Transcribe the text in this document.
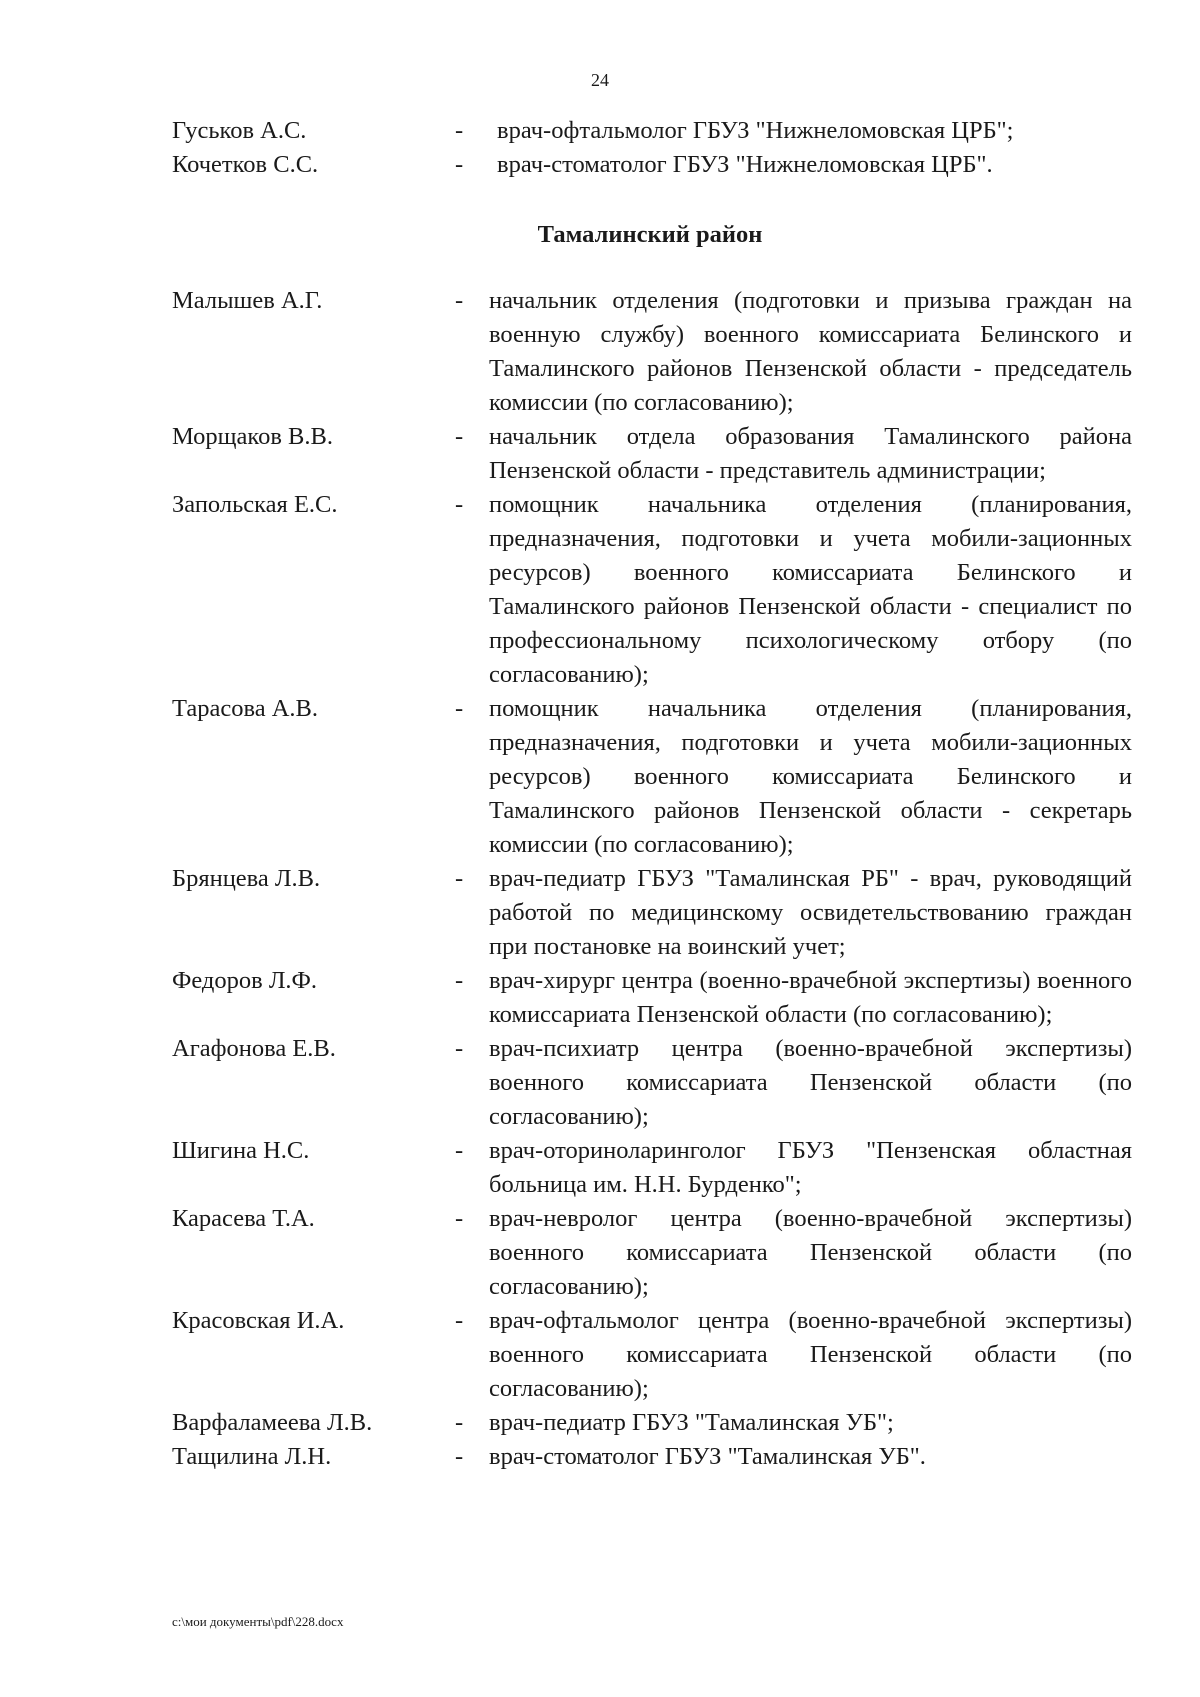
24
Гуськов А.С.	-	врач-офтальмолог ГБУЗ "Нижнеломовская ЦРБ";
Кочетков С.С.	-	врач-стоматолог ГБУЗ "Нижнеломовская ЦРБ".
Тамалинский район
Малышев А.Г.	-	начальник отделения (подготовки и призыва граждан на военную службу) военного комиссариата Белинского и Тамалинского районов Пензенской области - председатель комиссии (по согласованию);
Морщаков В.В.	-	начальник отдела образования Тамалинского района Пензенской области - представитель администрации;
Запольская Е.С.	-	помощник начальника отделения (планирования, предназначения, подготовки и учета мобили-зационных ресурсов) военного комиссариата Белинского и Тамалинского районов Пензенской области - специалист по профессиональному психологическому отбору (по согласованию);
Тарасова А.В.	-	помощник начальника отделения (планирования, предназначения, подготовки и учета мобили-зационных ресурсов) военного комиссариата Белинского и Тамалинского районов Пензенской области - секретарь комиссии (по согласованию);
Брянцева Л.В.	-	врач-педиатр ГБУЗ "Тамалинская РБ" - врач, руководящий работой по медицинскому освидетельствованию граждан при постановке на воинский учет;
Федоров Л.Ф.	-	врач-хирург центра (военно-врачебной экспертизы) военного комиссариата Пензенской области (по согласованию);
Агафонова Е.В.	-	врач-психиатр центра (военно-врачебной экспертизы) военного комиссариата Пензенской области (по согласованию);
Шигина Н.С.	-	врач-оториноларинголог ГБУЗ "Пензенская областная больница им. Н.Н. Бурденко";
Карасева Т.А.	-	врач-невролог центра (военно-врачебной экспертизы) военного комиссариата Пензенской области (по согласованию);
Красовская И.А.	-	врач-офтальмолог центра (военно-врачебной экспертизы) военного комиссариата Пензенской области (по согласованию);
Варфаламеева Л.В.	-	врач-педиатр ГБУЗ "Тамалинская УБ";
Тащилина Л.Н.	-	врач-стоматолог ГБУЗ "Тамалинская УБ".
c:\мои документы\pdf\228.docx
